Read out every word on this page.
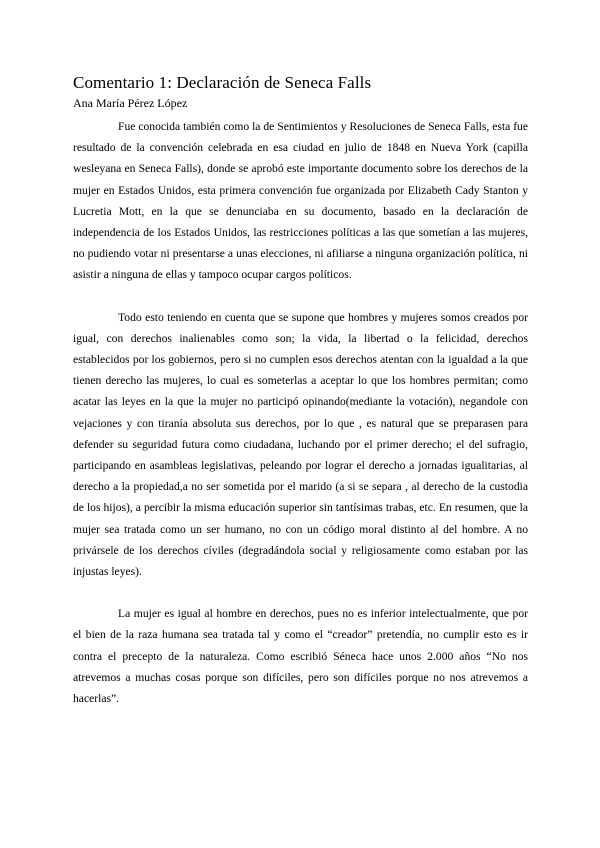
Comentario 1: Declaración de Seneca Falls

Ana María Pérez López

Fue conocida también como la de Sentimientos y Resoluciones de Seneca Falls, esta fue resultado de la convención celebrada en esa ciudad en julio de 1848 en Nueva York (capilla wesleyana en Seneca Falls), donde se aprobó este importante documento sobre los derechos de la mujer en Estados Unidos, esta primera convención fue organizada por Elizabeth Cady Stanton y Lucretia Mott, en la que se denunciaba en su documento, basado en la declaración de independencia de los Estados Unidos, las restricciones políticas a las que sometían a las mujeres, no pudiendo votar ni presentarse a unas elecciones, ni afiliarse a ninguna organización política, ni asistir a ninguna de ellas y tampoco ocupar cargos políticos.

Todo esto teniendo en cuenta que se supone que hombres y mujeres somos creados por igual, con derechos inalienables como son; la vida, la libertad o la felicidad, derechos establecidos por los gobiernos, pero si no cumplen esos derechos atentan con la igualdad a la que tienen derecho las mujeres, lo cual es someterlas a aceptar lo que los hombres permitan; como acatar las leyes en la que la mujer no participó opinando(mediante la votación), negandole con vejaciones y con tiranía absoluta sus derechos, por lo que , es natural que se preparasen para defender su seguridad futura como ciudadana, luchando por el primer derecho; el del sufragio, participando en asambleas legislativas, peleando por lograr el derecho a jornadas igualitarias, al derecho a la propiedad,a no ser sometida por el marido (a si se separa , al derecho de la custodia de los hijos), a percibir la misma educación superior sin tantísimas trabas, etc. En resumen, que la mujer sea tratada como un ser humano, no con un código moral distinto al del hombre. A no privársele de los derechos cíviles (degradándola social y religiosamente como estaban por las injustas leyes).

La mujer es igual al hombre en derechos, pues no es inferior intelectualmente, que por el bien de la raza humana sea tratada tal y como el “creador” pretendía, no cumplir esto es ir contra el precepto de la naturaleza. Como escribió Séneca hace unos 2.000 años “No nos atrevemos a muchas cosas porque son difíciles, pero son difíciles porque no nos atrevemos a hacerlas”.
